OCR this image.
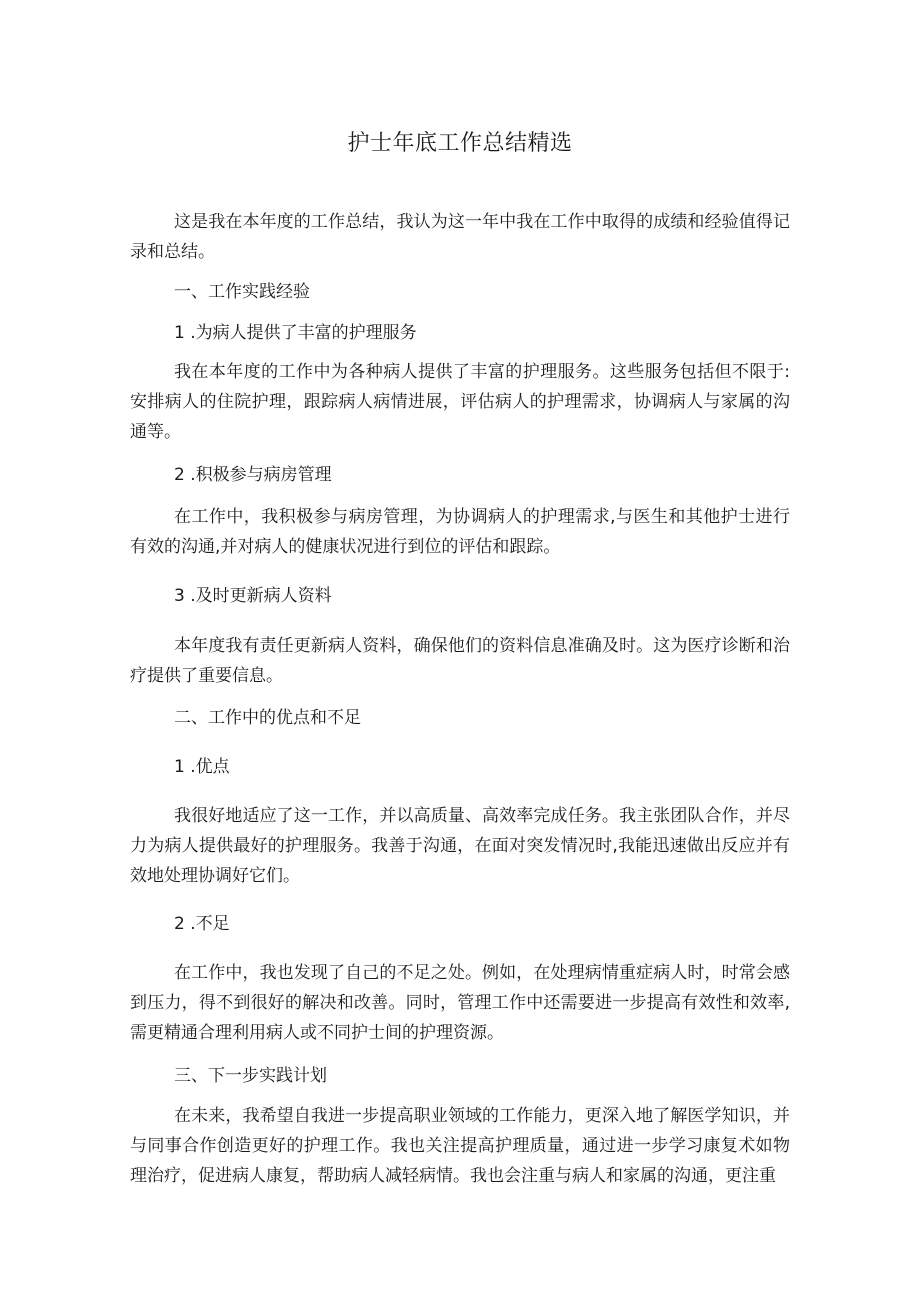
护士年底工作总结精选

这是我在本年度的工作总结，我认为这一年中我在工作中取得的成绩和经验值得记录和总结。

一、工作实践经验

1 .为病人提供了丰富的护理服务

我在本年度的工作中为各种病人提供了丰富的护理服务。这些服务包括但不限于:安排病人的住院护理，跟踪病人病情进展，评估病人的护理需求，协调病人与家属的沟通等。

2 .积极参与病房管理

在工作中，我积极参与病房管理，为协调病人的护理需求,与医生和其他护士进行有效的沟通,并对病人的健康状况进行到位的评估和跟踪。

3 .及时更新病人资料

本年度我有责任更新病人资料，确保他们的资料信息准确及时。这为医疗诊断和治疗提供了重要信息。

二、工作中的优点和不足

1 .优点

我很好地适应了这一工作，并以高质量、高效率完成任务。我主张团队合作，并尽力为病人提供最好的护理服务。我善于沟通，在面对突发情况时,我能迅速做出反应并有效地处理协调好它们。

2 .不足

在工作中，我也发现了自己的不足之处。例如，在处理病情重症病人时，时常会感到压力，得不到很好的解决和改善。同时，管理工作中还需要进一步提高有效性和效率,需更精通合理利用病人或不同护士间的护理资源。

三、下一步实践计划

在未来，我希望自我进一步提高职业领域的工作能力，更深入地了解医学知识，并与同事合作创造更好的护理工作。我也关注提高护理质量，通过进一步学习康复术如物理治疗，促进病人康复，帮助病人减轻病情。我也会注重与病人和家属的沟通，更注重
